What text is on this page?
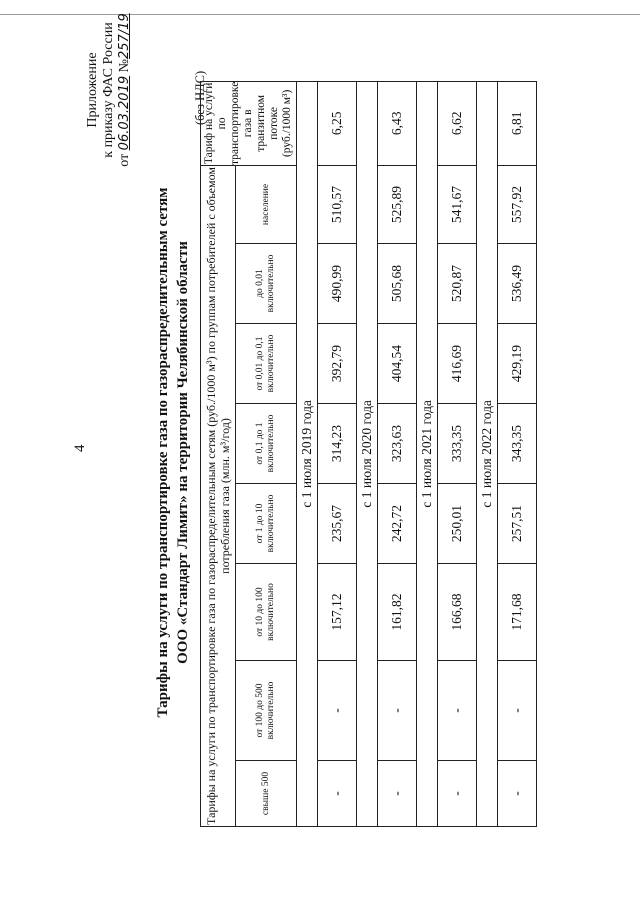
4
Приложение к приказу ФАС России
от 06.03.2019 №257/19
Тарифы на услуги по транспортировке газа по газораспределительным сетям ООО «Стандарт Лимит» на территории Челябинской области
(без НДС)
Тарифы на услуги по транспортировке газа по газораспределительным сетям (руб./1000 м³) по группам потребителей с объемом потребления газа (млн. м³/год)								Тариф на услуги по транспортировке газа в транзитном потоке (руб./1000 м³)
свыше 500	от 100 до 500 включительно	от 10 до 100 включительно	от 1 до 10 включительно	от 0,1 до 1 включительно	от 0,01 до 0,1 включительно	до 0,01 включительно	население	
с 1 июля 2019 года								
-	-	157,12	235,67	314,23	392,79	490,99	510,57	6,25
с 1 июля 2020 года								
-	-	161,82	242,72	323,63	404,54	505,68	525,89	6,43
с 1 июля 2021 года								
-	-	166,68	250,01	333,35	416,69	520,87	541,67	6,62
с 1 июля 2022 года								
-	-	171,68	257,51	343,35	429,19	536,49	557,92	6,81
